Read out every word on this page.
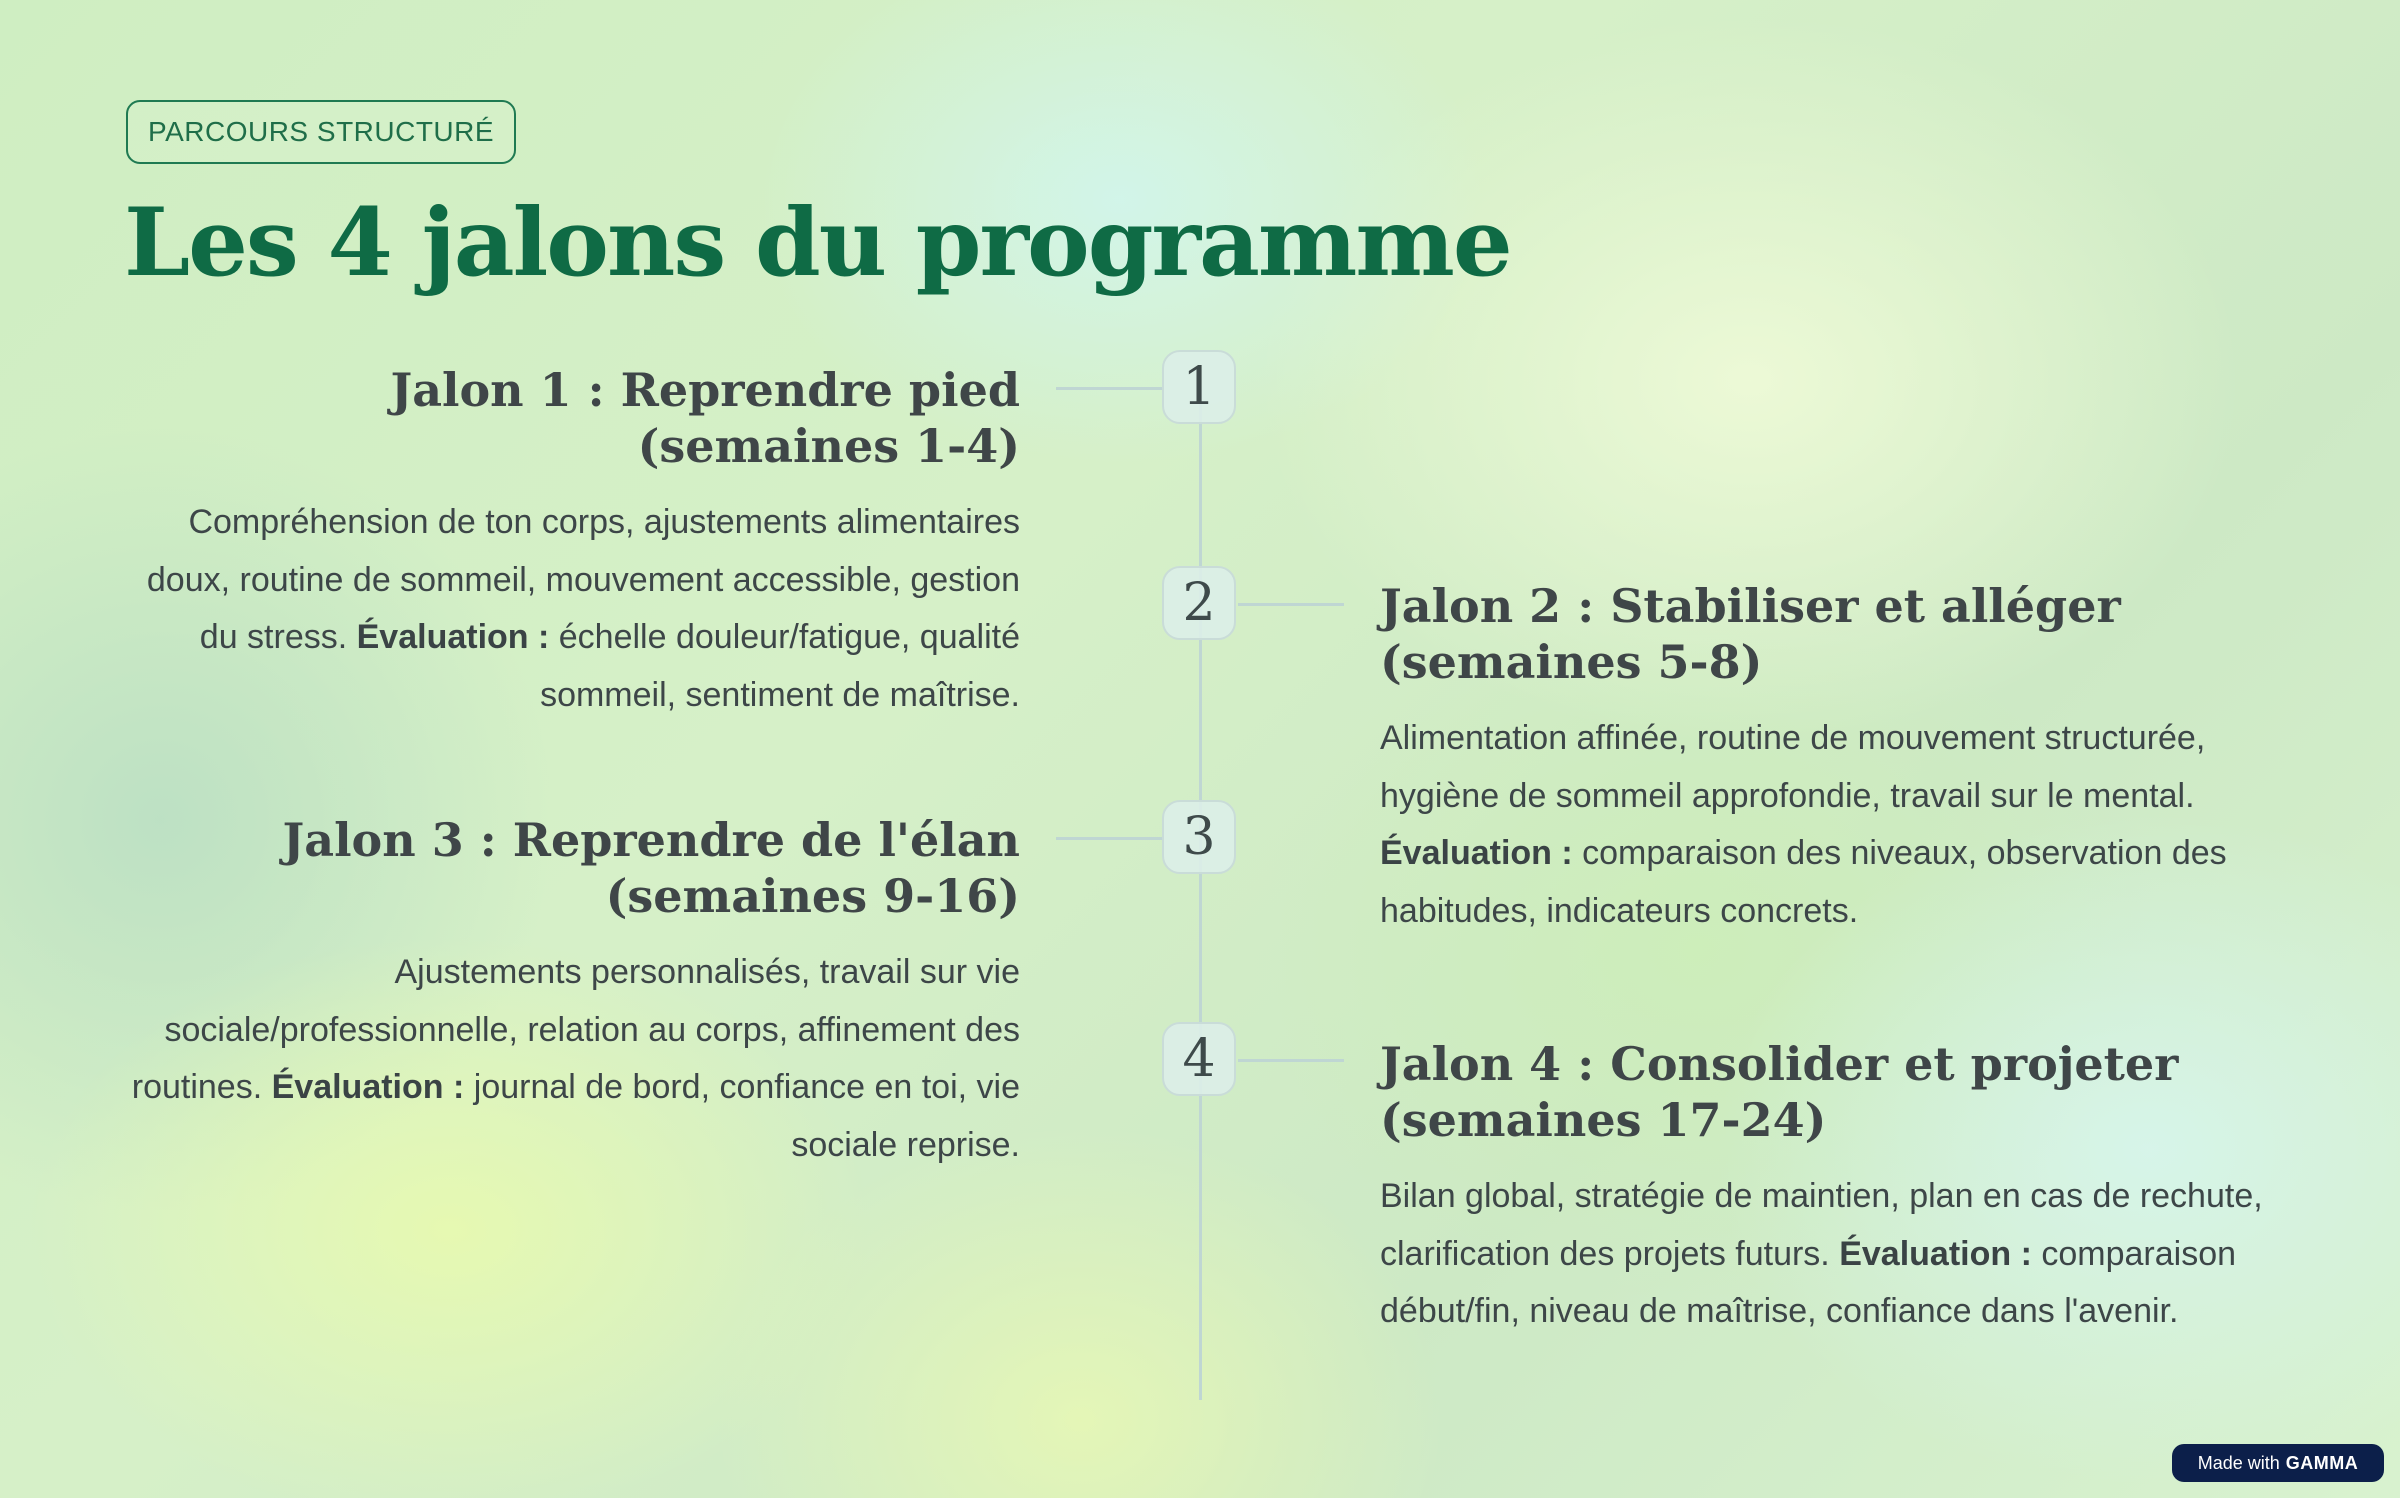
PARCOURS STRUCTURÉ
Les 4 jalons du programme
1
2
3
4
Jalon 1 : Reprendre pied (semaines 1-4)

Compréhension de ton corps, ajustements alimentaires doux, routine de sommeil, mouvement accessible, gestion du stress. Évaluation : échelle douleur/fatigue, qualité sommeil, sentiment de maîtrise.

Jalon 2 : Stabiliser et alléger (semaines 5-8)

Alimentation affinée, routine de mouvement structurée, hygiène de sommeil approfondie, travail sur le mental. Évaluation : comparaison des niveaux, observation des habitudes, indicateurs concrets.

Jalon 3 : Reprendre de l'élan (semaines 9-16)

Ajustements personnalisés, travail sur vie sociale/professionnelle, relation au corps, affinement des routines. Évaluation : journal de bord, confiance en toi, vie sociale reprise.

Jalon 4 : Consolider et projeter (semaines 17-24)

Bilan global, stratégie de maintien, plan en cas de rechute, clarification des projets futurs. Évaluation : comparaison début/fin, niveau de maîtrise, confiance dans l'avenir.

Made with GAMMA
